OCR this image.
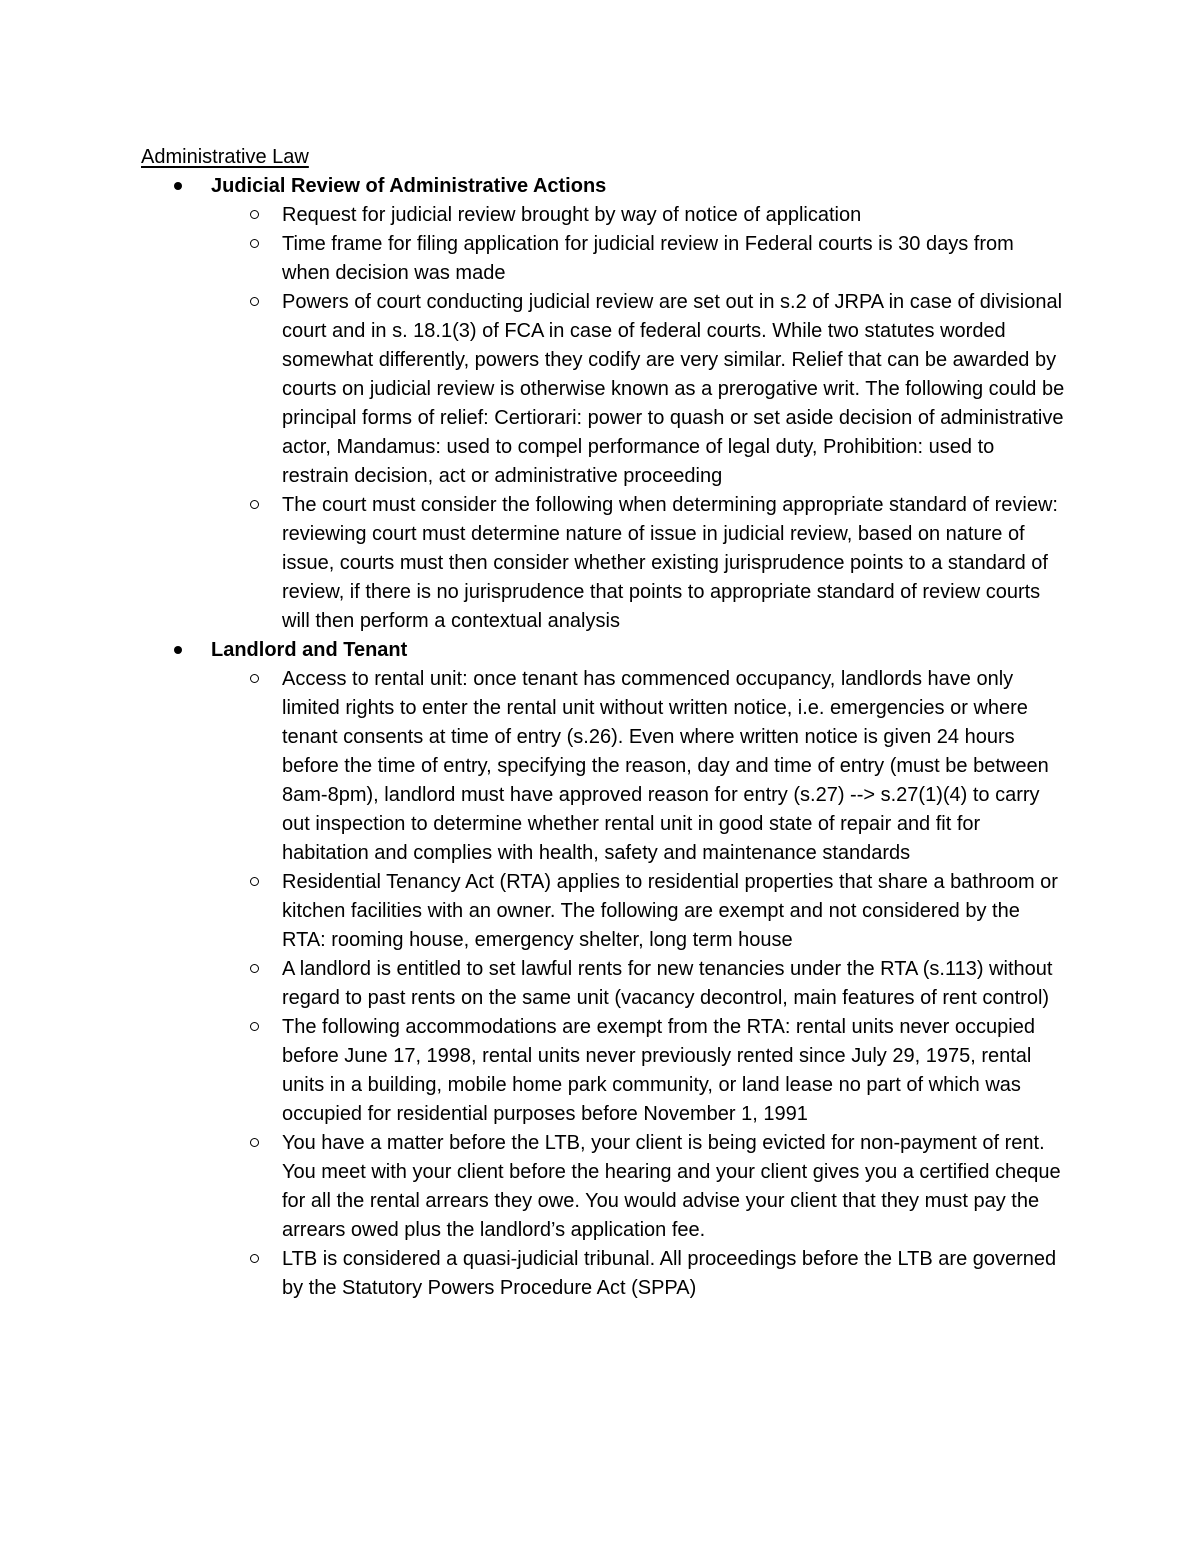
Administrative Law
Judicial Review of Administrative Actions
Request for judicial review brought by way of notice of application
Time frame for filing application for judicial review in Federal courts is 30 days from when decision was made
Powers of court conducting judicial review are set out in s.2 of JRPA in case of divisional court and in s. 18.1(3) of FCA in case of federal courts. While two statutes worded somewhat differently, powers they codify are very similar. Relief that can be awarded by courts on judicial review is otherwise known as a prerogative writ. The following could be principal forms of relief: Certiorari: power to quash or set aside decision of administrative actor, Mandamus: used to compel performance of legal duty, Prohibition: used to restrain decision, act or administrative proceeding
The court must consider the following when determining appropriate standard of review: reviewing court must determine nature of issue in judicial review, based on nature of issue, courts must then consider whether existing jurisprudence points to a standard of review, if there is no jurisprudence that points to appropriate standard of review courts will then perform a contextual analysis
Landlord and Tenant
Access to rental unit: once tenant has commenced occupancy, landlords have only limited rights to enter the rental unit without written notice, i.e. emergencies or where tenant consents at time of entry (s.26). Even where written notice is given 24 hours before the time of entry, specifying the reason, day and time of entry (must be between 8am-8pm), landlord must have approved reason for entry (s.27) --> s.27(1)(4) to carry out inspection to determine whether rental unit in good state of repair and fit for habitation and complies with health, safety and maintenance standards
Residential Tenancy Act (RTA) applies to residential properties that share a bathroom or kitchen facilities with an owner. The following are exempt and not considered by the RTA: rooming house, emergency shelter, long term house
A landlord is entitled to set lawful rents for new tenancies under the RTA (s.113) without regard to past rents on the same unit (vacancy decontrol, main features of rent control)
The following accommodations are exempt from the RTA: rental units never occupied before June 17, 1998, rental units never previously rented since July 29, 1975, rental units in a building, mobile home park community, or land lease no part of which was occupied for residential purposes before November 1, 1991
You have a matter before the LTB, your client is being evicted for non-payment of rent. You meet with your client before the hearing and your client gives you a certified cheque for all the rental arrears they owe. You would advise your client that they must pay the arrears owed plus the landlord’s application fee.
LTB is considered a quasi-judicial tribunal. All proceedings before the LTB are governed by the Statutory Powers Procedure Act (SPPA)
